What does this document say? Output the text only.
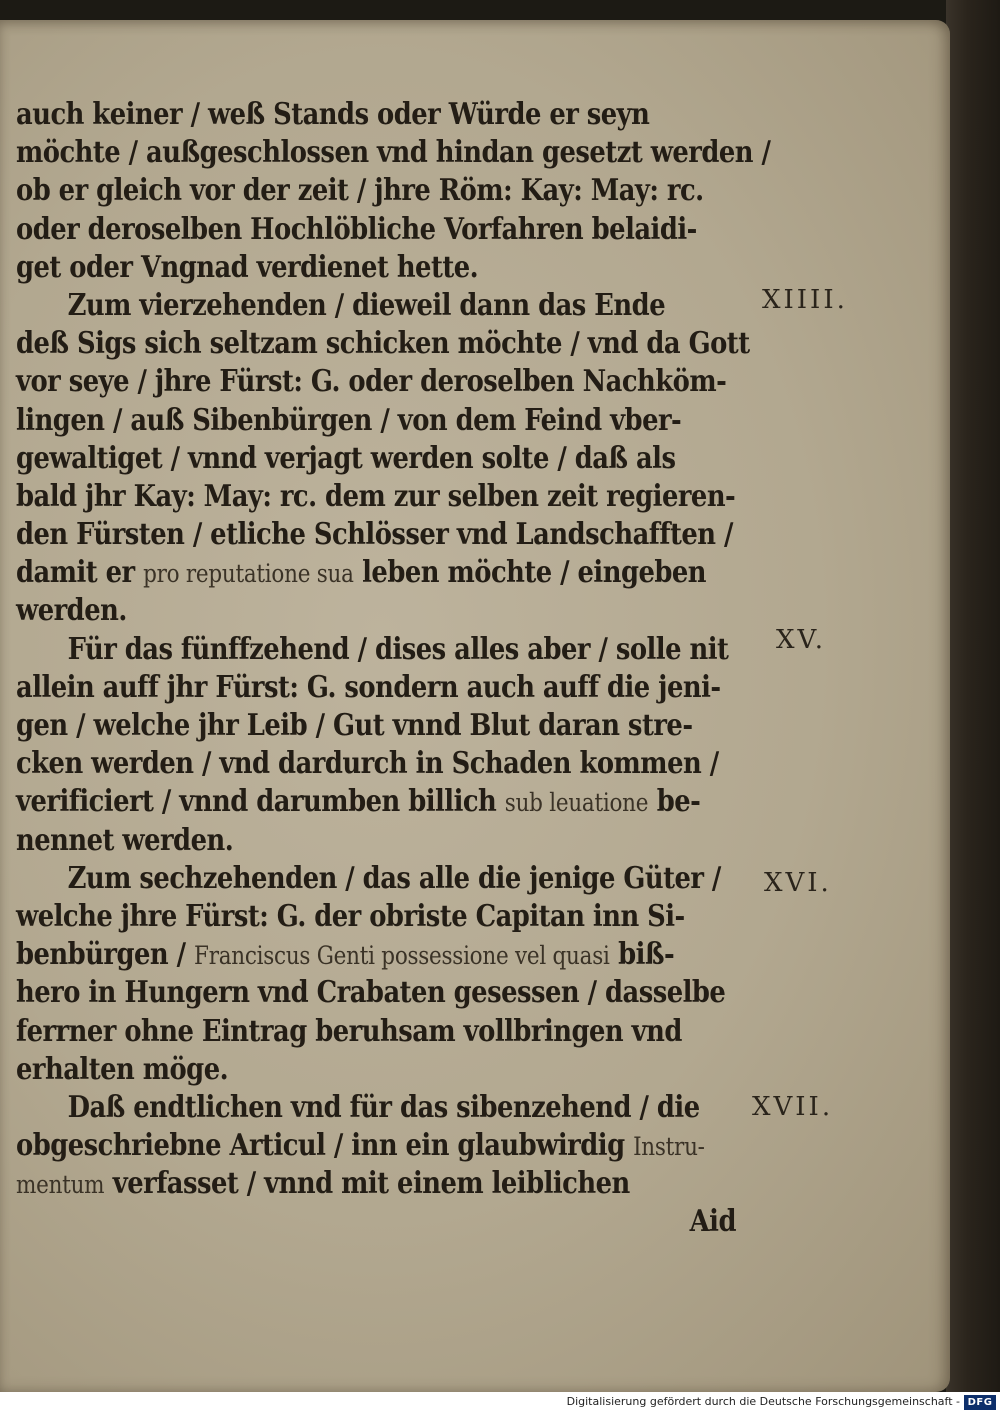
auch keiner / weß Stands oder Würde er seyn
möchte / außgeschlossen vnd hindan gesetzt werden /
ob er gleich vor der zeit / jhre Röm: Kay: May: rc.
oder deroselben Hochlöbliche Vorfahren belaidi-
get oder Vngnad verdienet hette.
Zum vierzehenden / dieweil dann das Ende
deß Sigs sich seltzam schicken möchte / vnd da Gott
vor seye / jhre Fürst: G. oder deroselben Nachköm-
lingen / auß Sibenbürgen / von dem Feind vber-
gewaltiget / vnnd verjagt werden solte / daß als
bald jhr Kay: May: rc. dem zur selben zeit regieren-
den Fürsten / etliche Schlösser vnd Landschafften /
damit er pro reputatione sua leben möchte / eingeben
werden.
Für das fünffzehend / dises alles aber / solle nit
allein auff jhr Fürst: G. sondern auch auff die jeni-
gen / welche jhr Leib / Gut vnnd Blut daran stre-
cken werden / vnd dardurch in Schaden kommen /
verificiert / vnnd darumben billich sub leuatione be-
nennet werden.
Zum sechzehenden / das alle die jenige Güter /
welche jhre Fürst: G. der obriste Capitan inn Si-
benbürgen / Franciscus Genti possessione vel quasi biß-
hero in Hungern vnd Crabaten gesessen / dasselbe
ferrner ohne Eintrag beruhsam vollbringen vnd
erhalten möge.
Daß endtlichen vnd für das sibenzehend / die
obgeschriebne Articul / inn ein glaubwirdig Instru-
mentum verfasset / vnnd mit einem leiblichen
Aid
XIIII.
XV.
XVI.
XVII.
Digitalisierung gefördert durch die Deutsche Forschungsgemeinschaft - DFG
